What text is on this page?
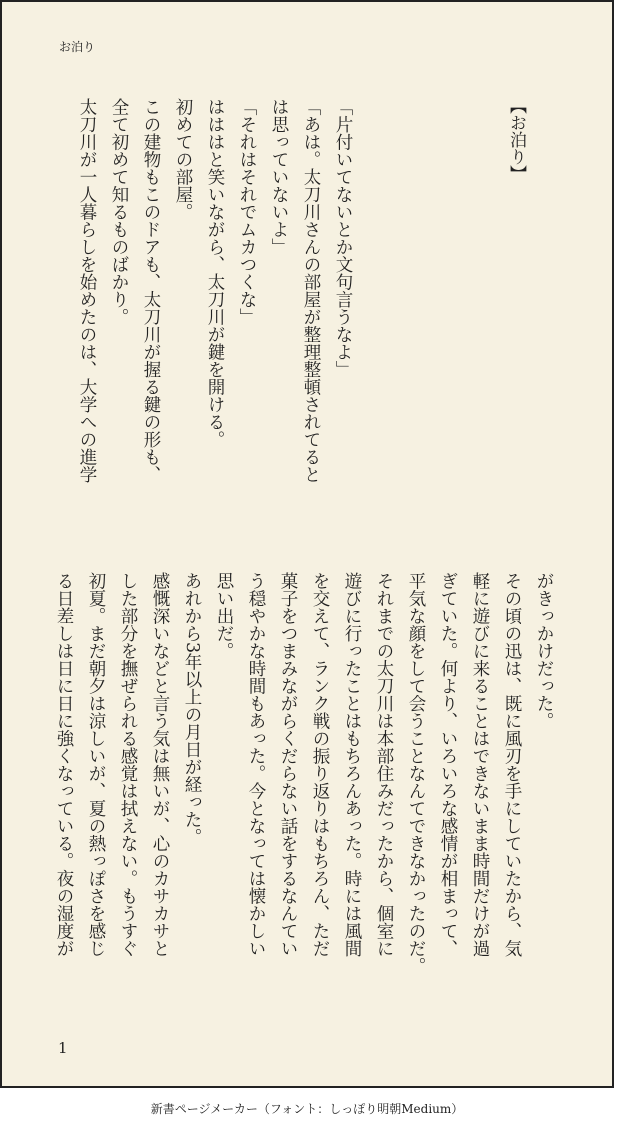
お泊り
【お泊り】
「片付いてないとか文句言うなよ」
「あは。太刀川さんの部屋が整理整頓されてると
は思っていないよ」
「それはそれでムカつくな」
はははと笑いながら、太刀川が鍵を開ける。
初めての部屋。
この建物もこのドアも、太刀川が握る鍵の形も、
全て初めて知るものばかり。
太刀川が一人暮らしを始めたのは、大学への進学
がきっかけだった。
その頃の迅は、既に風刃を手にしていたから、気
軽に遊びに来ることはできないまま時間だけが過
ぎていた。何より、いろいろな感情が相まって、
平気な顔をして会うことなんてできなかったのだ。
それまでの太刀川は本部住みだったから、個室に
遊びに行ったことはもちろんあった。時には風間
を交えて、ランク戦の振り返りはもちろん、ただ
菓子をつまみながらくだらない話をするなんてい
う穏やかな時間もあった。今となっては懐かしい
思い出だ。
あれから3年以上の月日が経った。
感慨深いなどと言う気は無いが、心のカサカサと
した部分を撫ぜられる感覚は拭えない。もうすぐ
初夏。まだ朝夕は涼しいが、夏の熱っぽさを感じ
る日差しは日に日に強くなっている。夜の湿度が
1
新書ページメーカー（フォント：しっぽり明朝Medium）
